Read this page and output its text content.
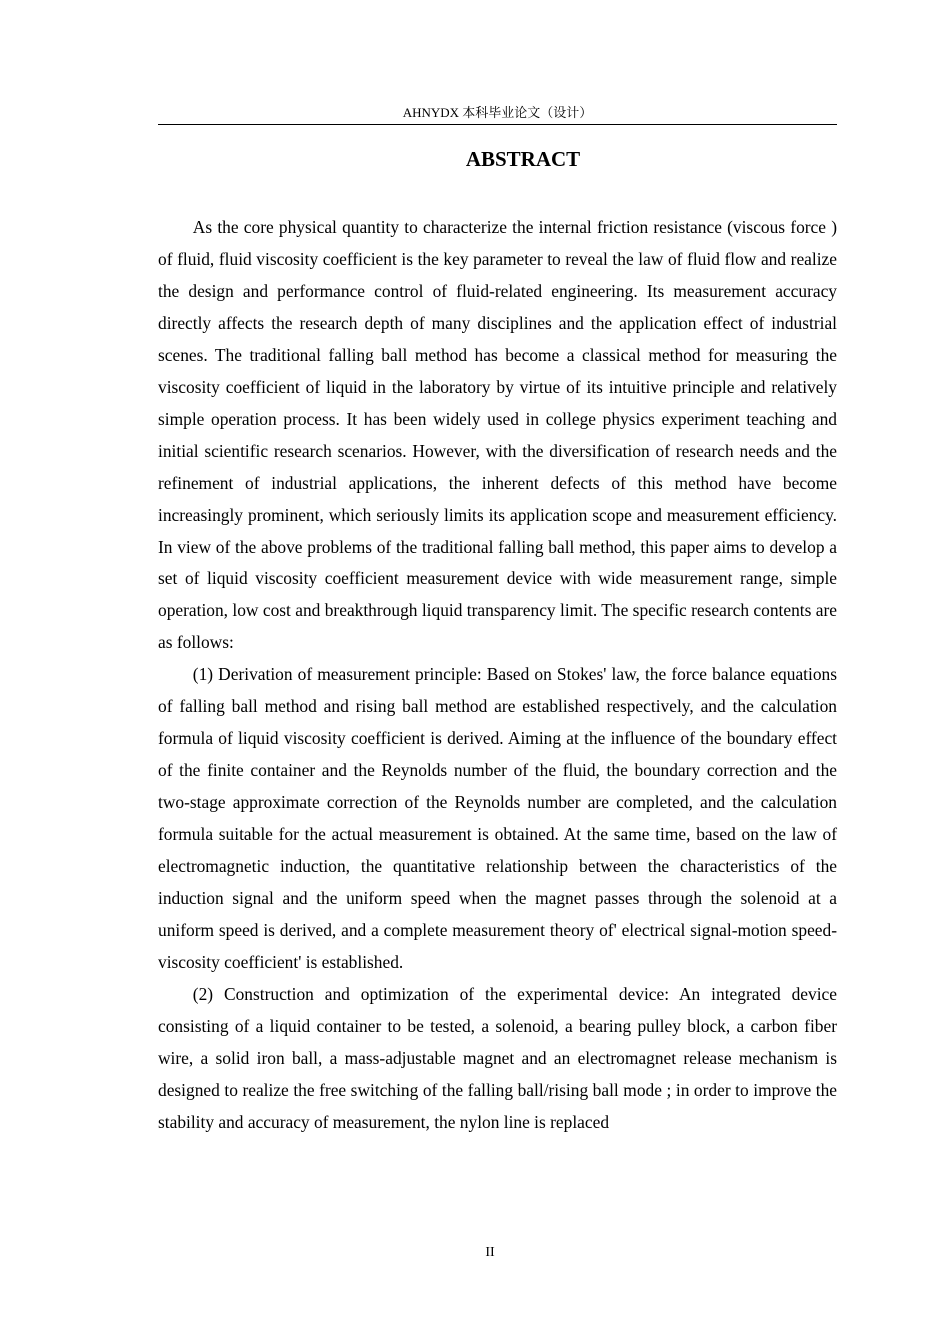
AHNYDX 本科毕业论文（设计）
ABSTRACT

As the core physical quantity to characterize the internal friction resistance (viscous force ) of fluid, fluid viscosity coefficient is the key parameter to reveal the law of fluid flow and realize the design and performance control of fluid-related engineering. Its measurement accuracy directly affects the research depth of many disciplines and the application effect of industrial scenes. The traditional falling ball method has become a classical method for measuring the viscosity coefficient of liquid in the laboratory by virtue of its intuitive principle and relatively simple operation process. It has been widely used in college physics experiment teaching and initial scientific research scenarios. However, with the diversification of research needs and the refinement of industrial applications, the inherent defects of this method have become increasingly prominent, which seriously limits its application scope and measurement efficiency. In view of the above problems of the traditional falling ball method, this paper aims to develop a set of liquid viscosity coefficient measurement device with wide measurement range, simple operation, low cost and breakthrough liquid transparency limit. The specific research contents are as follows:

(1) Derivation of measurement principle: Based on Stokes' law, the force balance equations of falling ball method and rising ball method are established respectively, and the calculation formula of liquid viscosity coefficient is derived. Aiming at the influence of the boundary effect of the finite container and the Reynolds number of the fluid, the boundary correction and the two-stage approximate correction of the Reynolds number are completed, and the calculation formula suitable for the actual measurement is obtained. At the same time, based on the law of electromagnetic induction, the quantitative relationship between the characteristics of the induction signal and the uniform speed when the magnet passes through the solenoid at a uniform speed is derived, and a complete measurement theory of' electrical signal-motion speed-viscosity coefficient' is established.

(2) Construction and optimization of the experimental device: An integrated device consisting of a liquid container to be tested, a solenoid, a bearing pulley block, a carbon fiber wire, a solid iron ball, a mass-adjustable magnet and an electromagnet release mechanism is designed to realize the free switching of the falling ball/rising ball mode ; in order to improve the stability and accuracy of measurement, the nylon line is replaced

II
